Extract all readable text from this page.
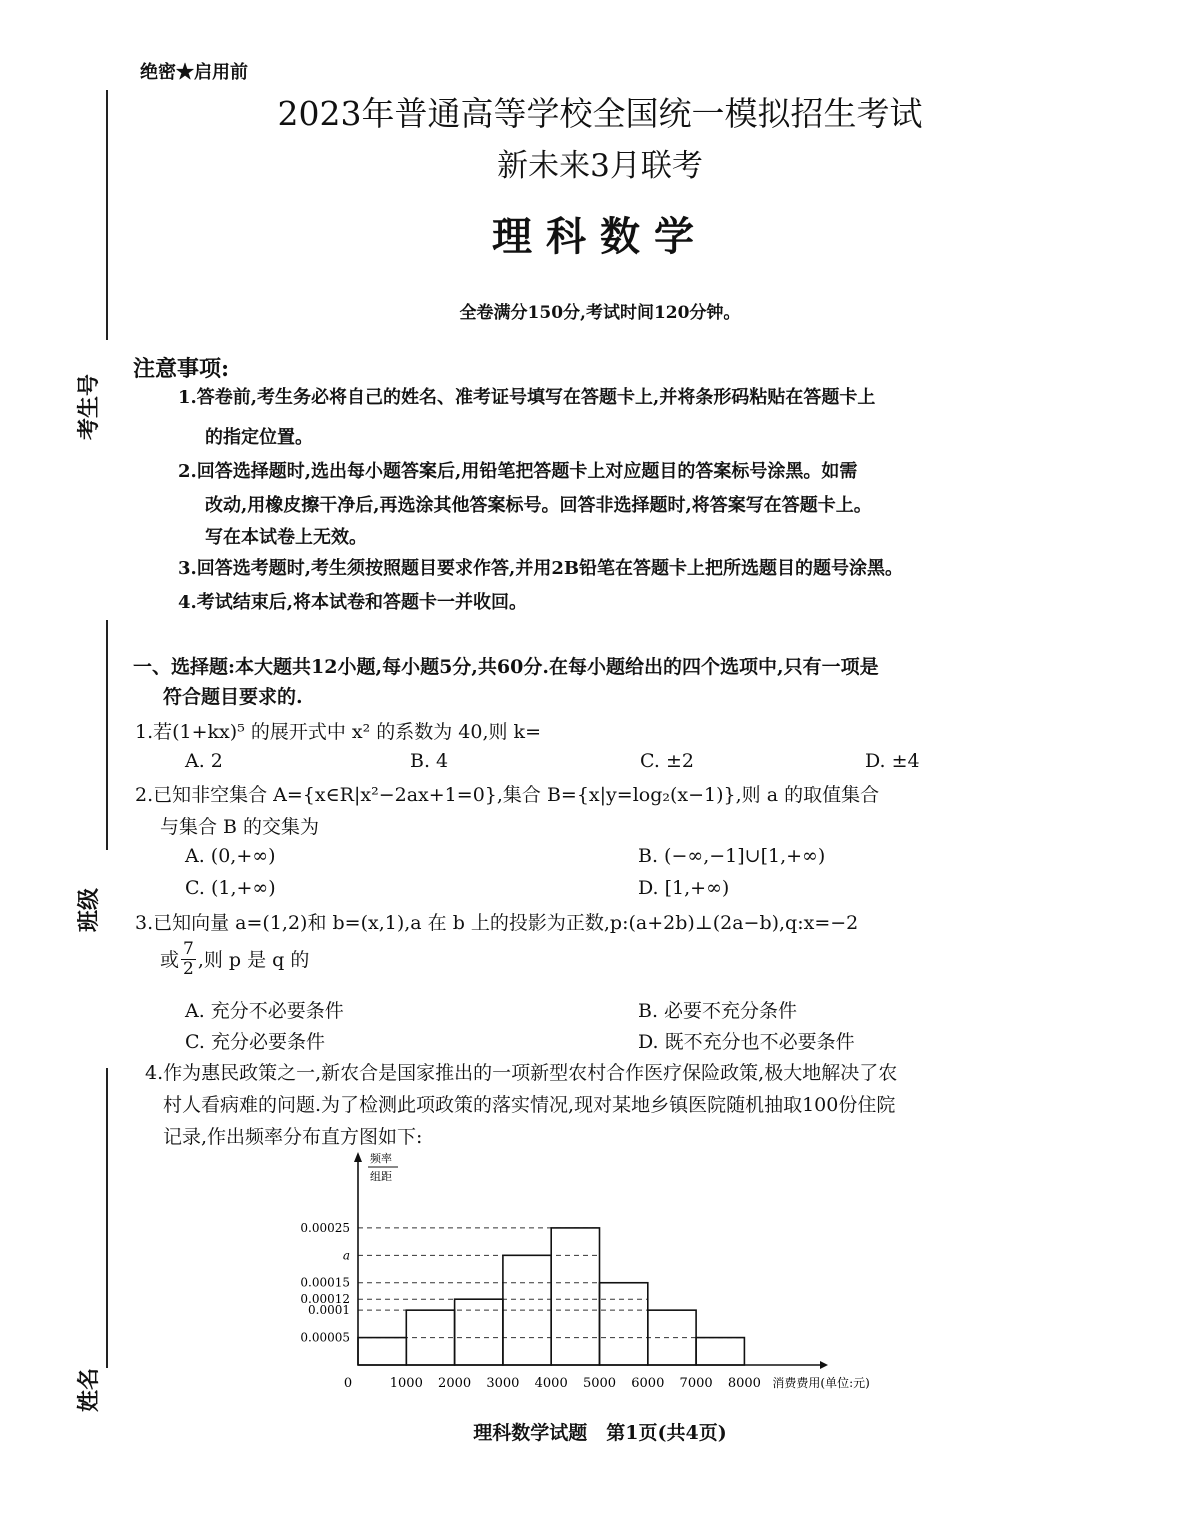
考生号
班级
姓名
绝密★启用前
2023年普通高等学校全国统一模拟招生考试
新未来3月联考
理科数学
全卷满分150分,考试时间120分钟。
注意事项:
1.答卷前,考生务必将自己的姓名、准考证号填写在答题卡上,并将条形码粘贴在答题卡上
的指定位置。
2.回答选择题时,选出每小题答案后,用铅笔把答题卡上对应题目的答案标号涂黑。如需
改动,用橡皮擦干净后,再选涂其他答案标号。回答非选择题时,将答案写在答题卡上。
写在本试卷上无效。
3.回答选考题时,考生须按照题目要求作答,并用2B铅笔在答题卡上把所选题目的题号涂黑。
4.考试结束后,将本试卷和答题卡一并收回。
一、选择题:本大题共12小题,每小题5分,共60分.在每小题给出的四个选项中,只有一项是
符合题目要求的.
1.若(1+kx)⁵ 的展开式中 x² 的系数为 40,则 k=
A. 2	B. 4	C. ±2	D. ±4
2.已知非空集合 A={x∈R|x²−2ax+1=0},集合 B={x|y=log₂(x−1)},则 a 的取值集合
与集合 B 的交集为
A. (0,+∞)	B. (−∞,−1]∪[1,+∞)
C. (1,+∞)	D. [1,+∞)
3.已知向量 a=(1,2)和 b=(x,1),a 在 b 上的投影为正数,p:(a+2b)⊥(2a−b),q:x=−2
或 $\frac{7}{2}$ ,则 p 是 q 的
A. 充分不必要条件	B. 必要不充分条件
C. 充分必要条件	D. 既不充分也不必要条件
4.作为惠民政策之一,新农合是国家推出的一项新型农村合作医疗保险政策,极大地解决了农
村人看病难的问题.为了检测此项政策的落实情况,现对某地乡镇医院随机抽取100份住院
记录,作出频率分布直方图如下:
0.00025
a
0.00015
0.00012
0.0001
0.00005
1000 2000 3000 4000 5000 6000 7000 8000
0	消费费用(单位:元)
频率
组距
理科数学试题　第1页(共4页)
